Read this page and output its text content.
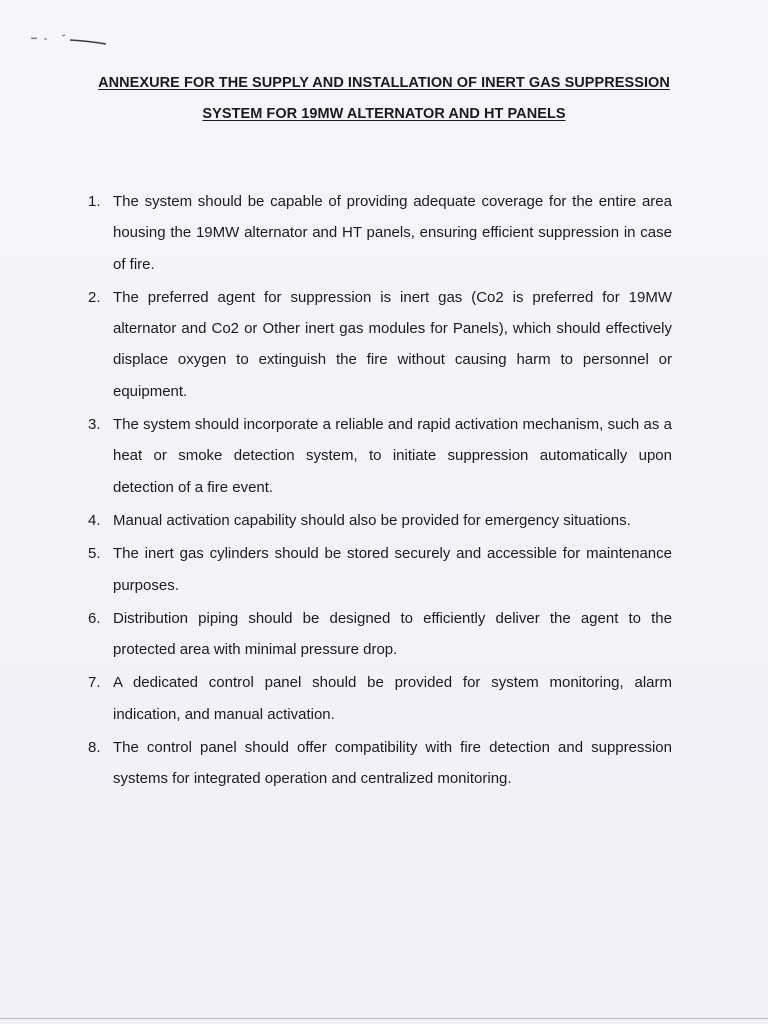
ANNEXURE FOR THE SUPPLY AND INSTALLATION OF INERT GAS SUPPRESSION
SYSTEM FOR 19MW ALTERNATOR AND HT PANELS
1. The system should be capable of providing adequate coverage for the entire area housing the 19MW alternator and HT panels, ensuring efficient suppression in case of fire.
2. The preferred agent for suppression is inert gas (Co2 is preferred for 19MW alternator and Co2 or Other inert gas modules for Panels), which should effectively displace oxygen to extinguish the fire without causing harm to personnel or equipment.
3. The system should incorporate a reliable and rapid activation mechanism, such as a heat or smoke detection system, to initiate suppression automatically upon detection of a fire event.
4. Manual activation capability should also be provided for emergency situations.
5. The inert gas cylinders should be stored securely and accessible for maintenance purposes.
6. Distribution piping should be designed to efficiently deliver the agent to the protected area with minimal pressure drop.
7. A dedicated control panel should be provided for system monitoring, alarm indication, and manual activation.
8. The control panel should offer compatibility with fire detection and suppression systems for integrated operation and centralized monitoring.
